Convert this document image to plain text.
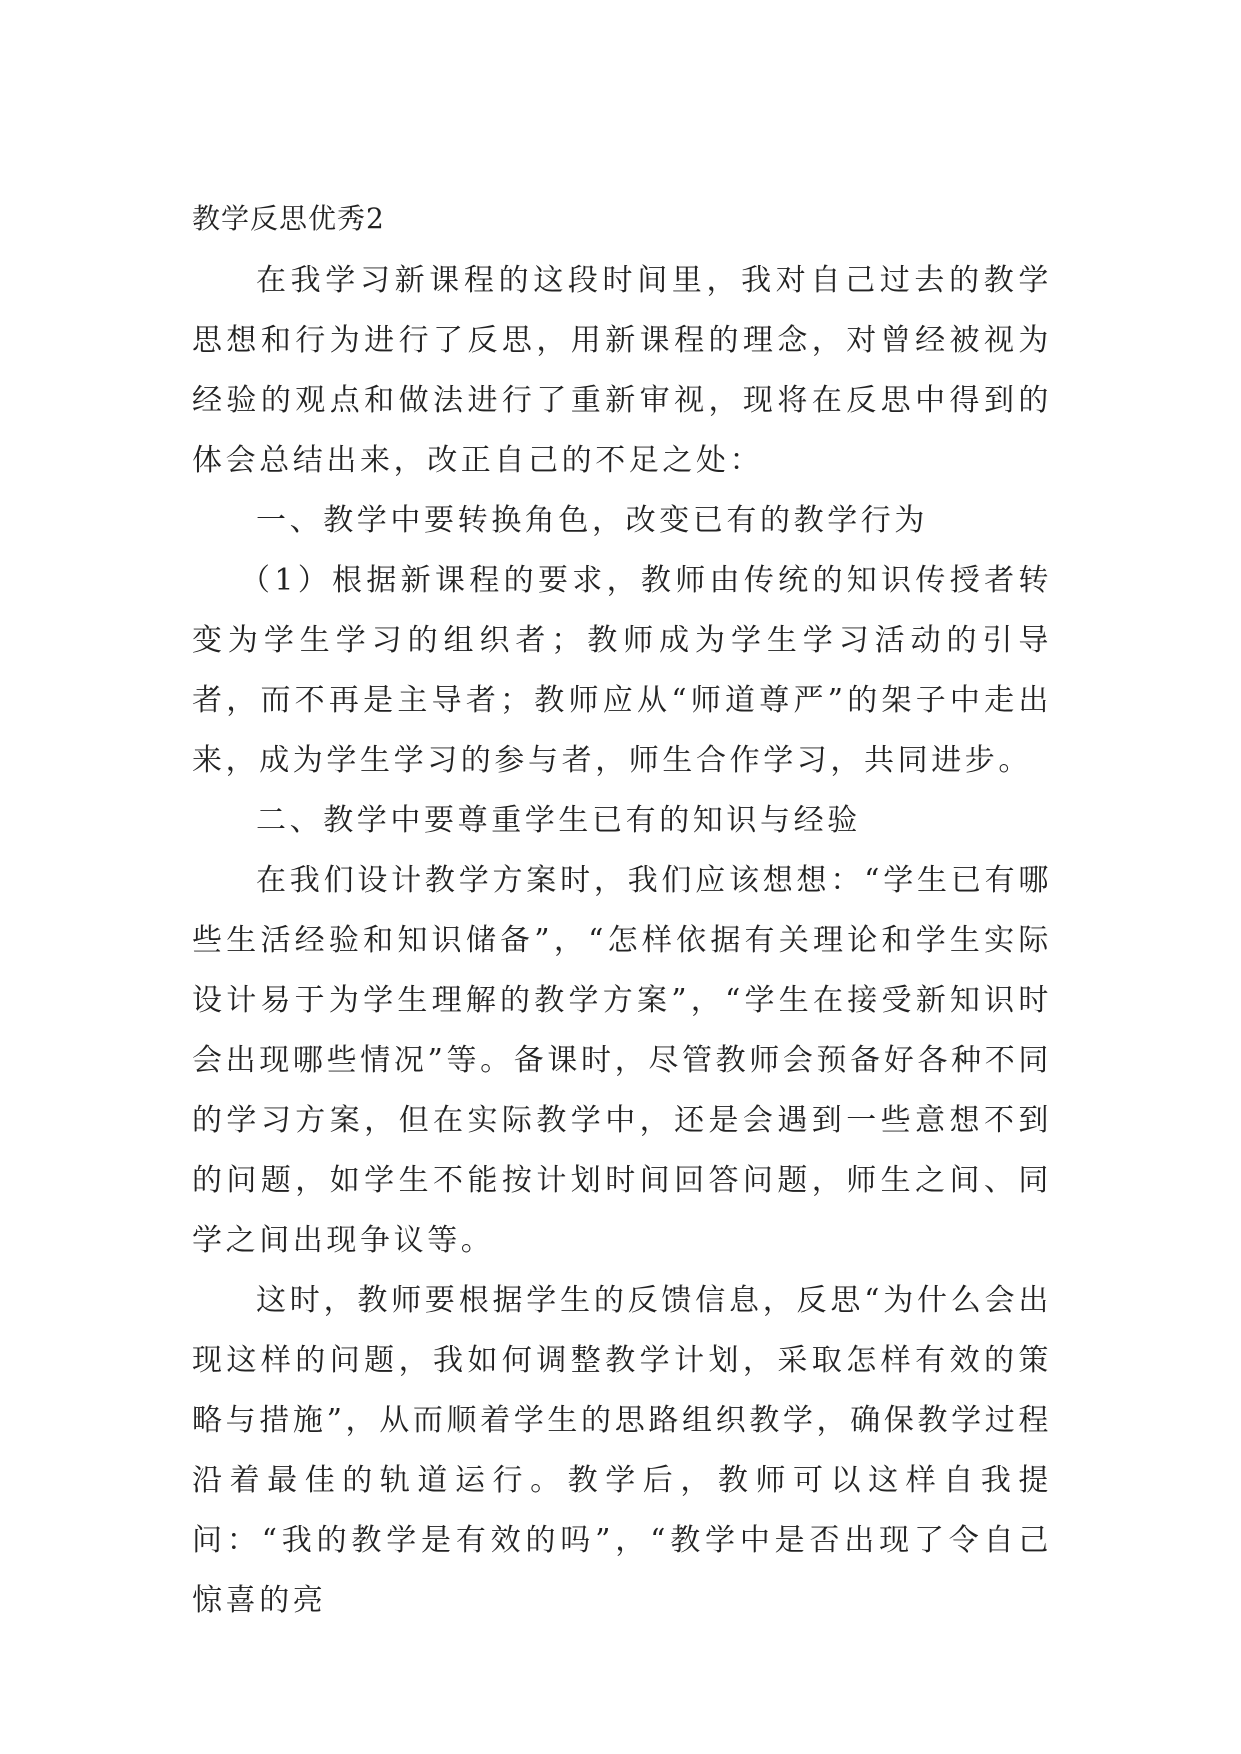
教学反思优秀2

在我学习新课程的这段时间里，我对自己过去的教学思想和行为进行了反思，用新课程的理念，对曾经被视为经验的观点和做法进行了重新审视，现将在反思中得到的体会总结出来，改正自己的不足之处：

一、教学中要转换角色，改变已有的教学行为

（1）根据新课程的要求，教师由传统的知识传授者转变为学生学习的组织者；教师成为学生学习活动的引导者，而不再是主导者；教师应从“师道尊严”的架子中走出来，成为学生学习的参与者，师生合作学习，共同进步。

二、教学中要尊重学生已有的知识与经验

在我们设计教学方案时，我们应该想想：“学生已有哪些生活经验和知识储备”，“怎样依据有关理论和学生实际设计易于为学生理解的教学方案”，“学生在接受新知识时会出现哪些情况”等。备课时，尽管教师会预备好各种不同的学习方案，但在实际教学中，还是会遇到一些意想不到的问题，如学生不能按计划时间回答问题，师生之间、同学之间出现争议等。

这时，教师要根据学生的反馈信息，反思“为什么会出现这样的问题，我如何调整教学计划，采取怎样有效的策略与措施”，从而顺着学生的思路组织教学，确保教学过程沿着最佳的轨道运行。教学后，教师可以这样自我提问：“我的教学是有效的吗”，“教学中是否出现了令自己惊喜的亮
